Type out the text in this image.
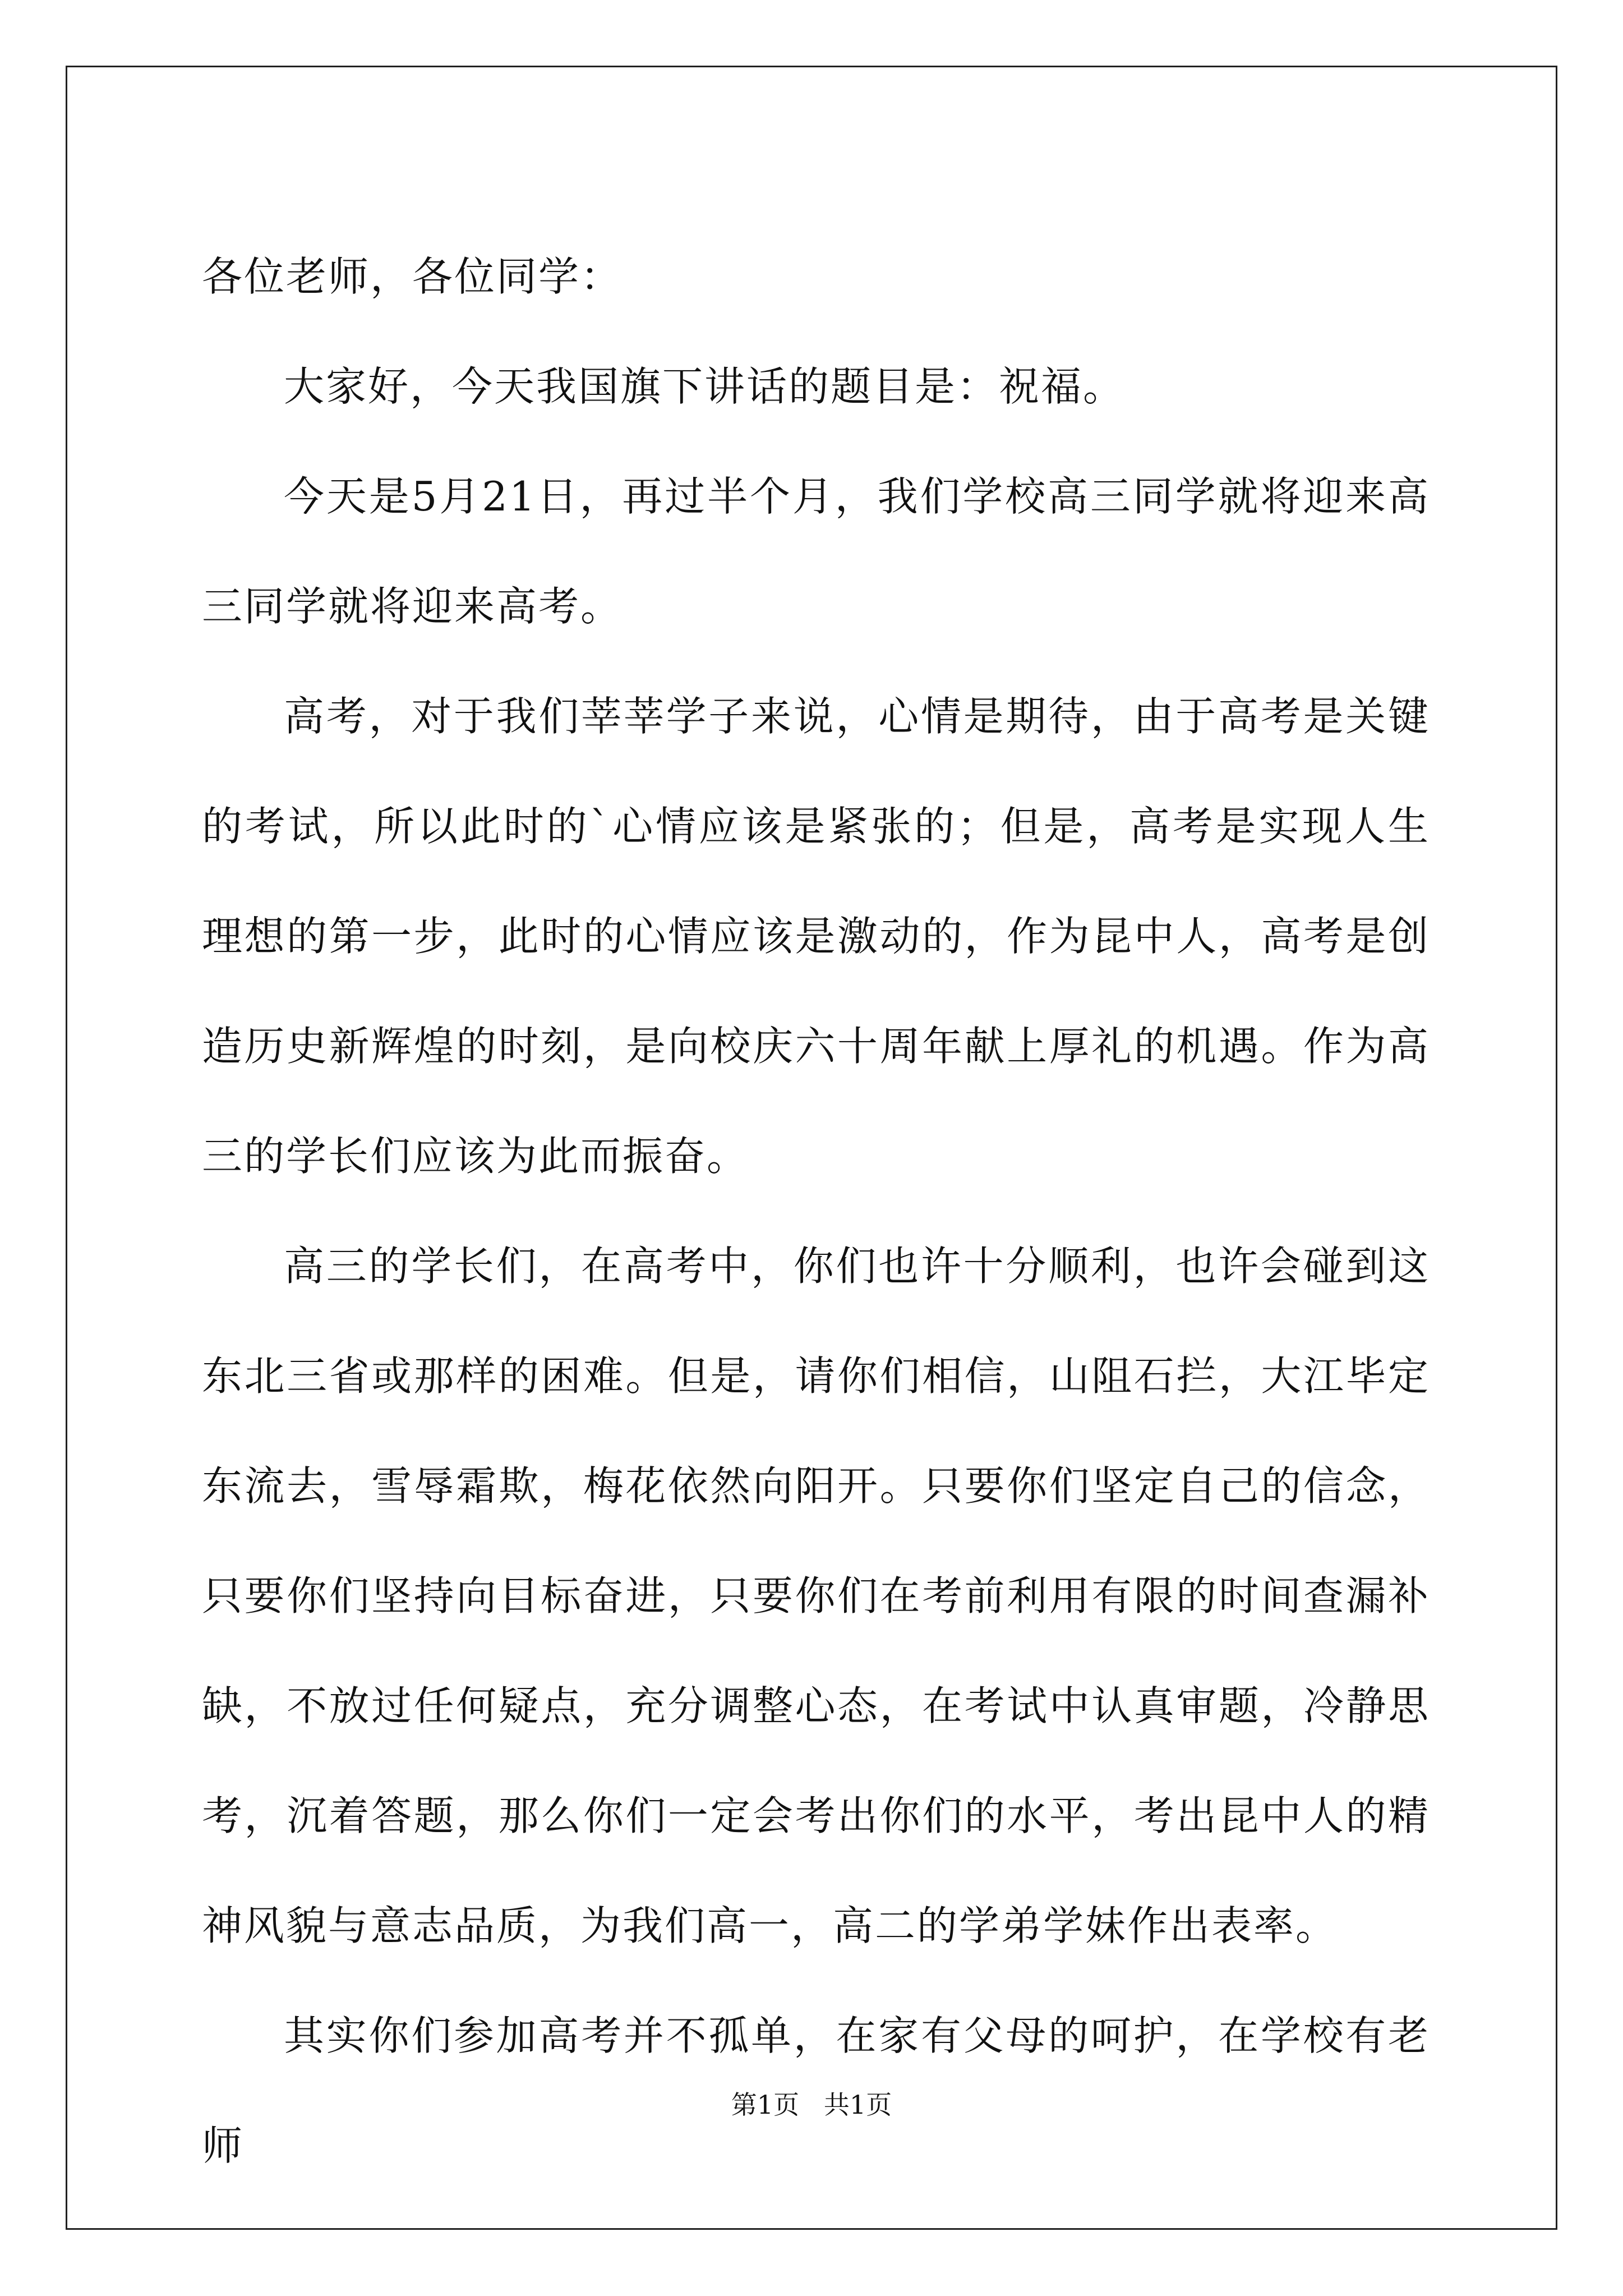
各位老师，各位同学：

大家好，今天我国旗下讲话的题目是：祝福。

今天是5月21日，再过半个月，我们学校高三同学就将迎来高三同学就将迎来高考。

高考，对于我们莘莘学子来说，心情是期待，由于高考是关键的考试，所以此时的`心情应该是紧张的；但是，高考是实现人生理想的第一步，此时的心情应该是激动的，作为昆中人，高考是创造历史新辉煌的时刻，是向校庆六十周年献上厚礼的机遇。作为高三的学长们应该为此而振奋。

高三的学长们，在高考中，你们也许十分顺利，也许会碰到这东北三省或那样的困难。但是，请你们相信，山阻石拦，大江毕定东流去，雪辱霜欺，梅花依然向阳开。只要你们坚定自己的信念，只要你们坚持向目标奋进，只要你们在考前利用有限的时间查漏补缺，不放过任何疑点，充分调整心态，在考试中认真审题，冷静思考，沉着答题，那么你们一定会考出你们的水平，考出昆中人的精神风貌与意志品质，为我们高一，高二的学弟学妹作出表率。

其实你们参加高考并不孤单，在家有父母的呵护，在学校有老师

第1页   共1页
